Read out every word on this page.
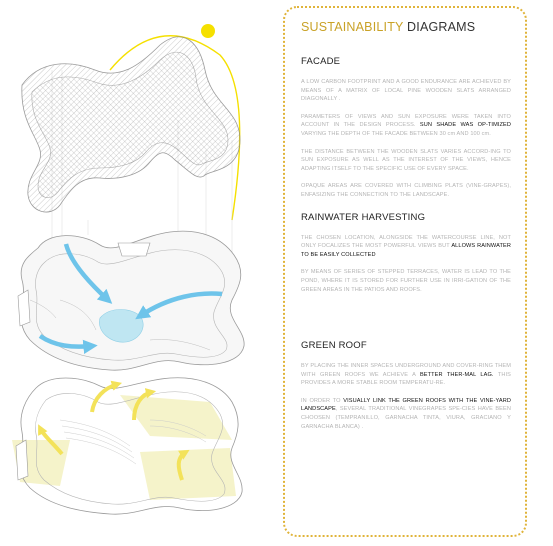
SUSTAINABILITY DIAGRAMS
FACADE
A LOW CARBON FOOTPRINT AND A GOOD ENDURANCE ARE ACHIEVED BY MEANS OF A MATRIX OF LOCAL PINE WOODEN SLATS ARRANGED DIAGONALLY .
PARAMETERS OF VIEWS AND SUN EXPOSURE WERE TAKEN INTO ACCOUNT IN THE DESIGN PROCESS. SUN SHADE WAS OP-TIMIZED VARYING THE DEPTH OF THE FACADE BETWEEN 30 cm AND 100 cm.
THE DISTANCE BETWEEN THE WOODEN SLATS VARIES ACCORD-ING TO SUN EXPOSURE AS WELL AS THE INTEREST OF THE VIEWS, HENCE ADAPTING ITSELF TO THE SPECIFIC USE OF EVERY SPACE.
OPAQUE AREAS ARE COVERED WITH CLIMBING PLATS (VINE-GRAPES), ENFASIZING THE CONNECTION TO THE LANDSCAPE.
RAINWATER HARVESTING
THE CHOSEN LOCATION, ALONGSIDE THE WATERCOURSE LINE, NOT ONLY FOCALIZES THE MOST POWERFUL VIEWS BUT ALLOWS RAINWATER TO BE EASILY COLLECTED
BY MEANS OF SERIES OF STEPPED TERRACES, WATER IS LEAD TO THE POND, WHERE IT IS STORED FOR FURTHER USE IN IRRI-GATION OF THE GREEN AREAS IN THE PATIOS AND ROOFS.
GREEN ROOF
BY PLACING THE INNER SPACES UNDERGROUND AND COVER-RING THEM WITH GREEN ROOFS WE ACHIEVE A BETTER THER-MAL LAG. THIS PROVIDES A MORE STABLE ROOM TEMPERATU-RE.
IN ORDER TO VISUALLY LINK THE GREEN ROOFS WITH THE VINE-YARD LANDSCAPE, SEVERAL TRADITIONAL VINEGRAPES SPE-CIES HAVE BEEN CHOOSEN (TEMPRANILLO, GARNACHA TINTA, VIURA, GRACIANO Y GARNACHA BLANCA) .
